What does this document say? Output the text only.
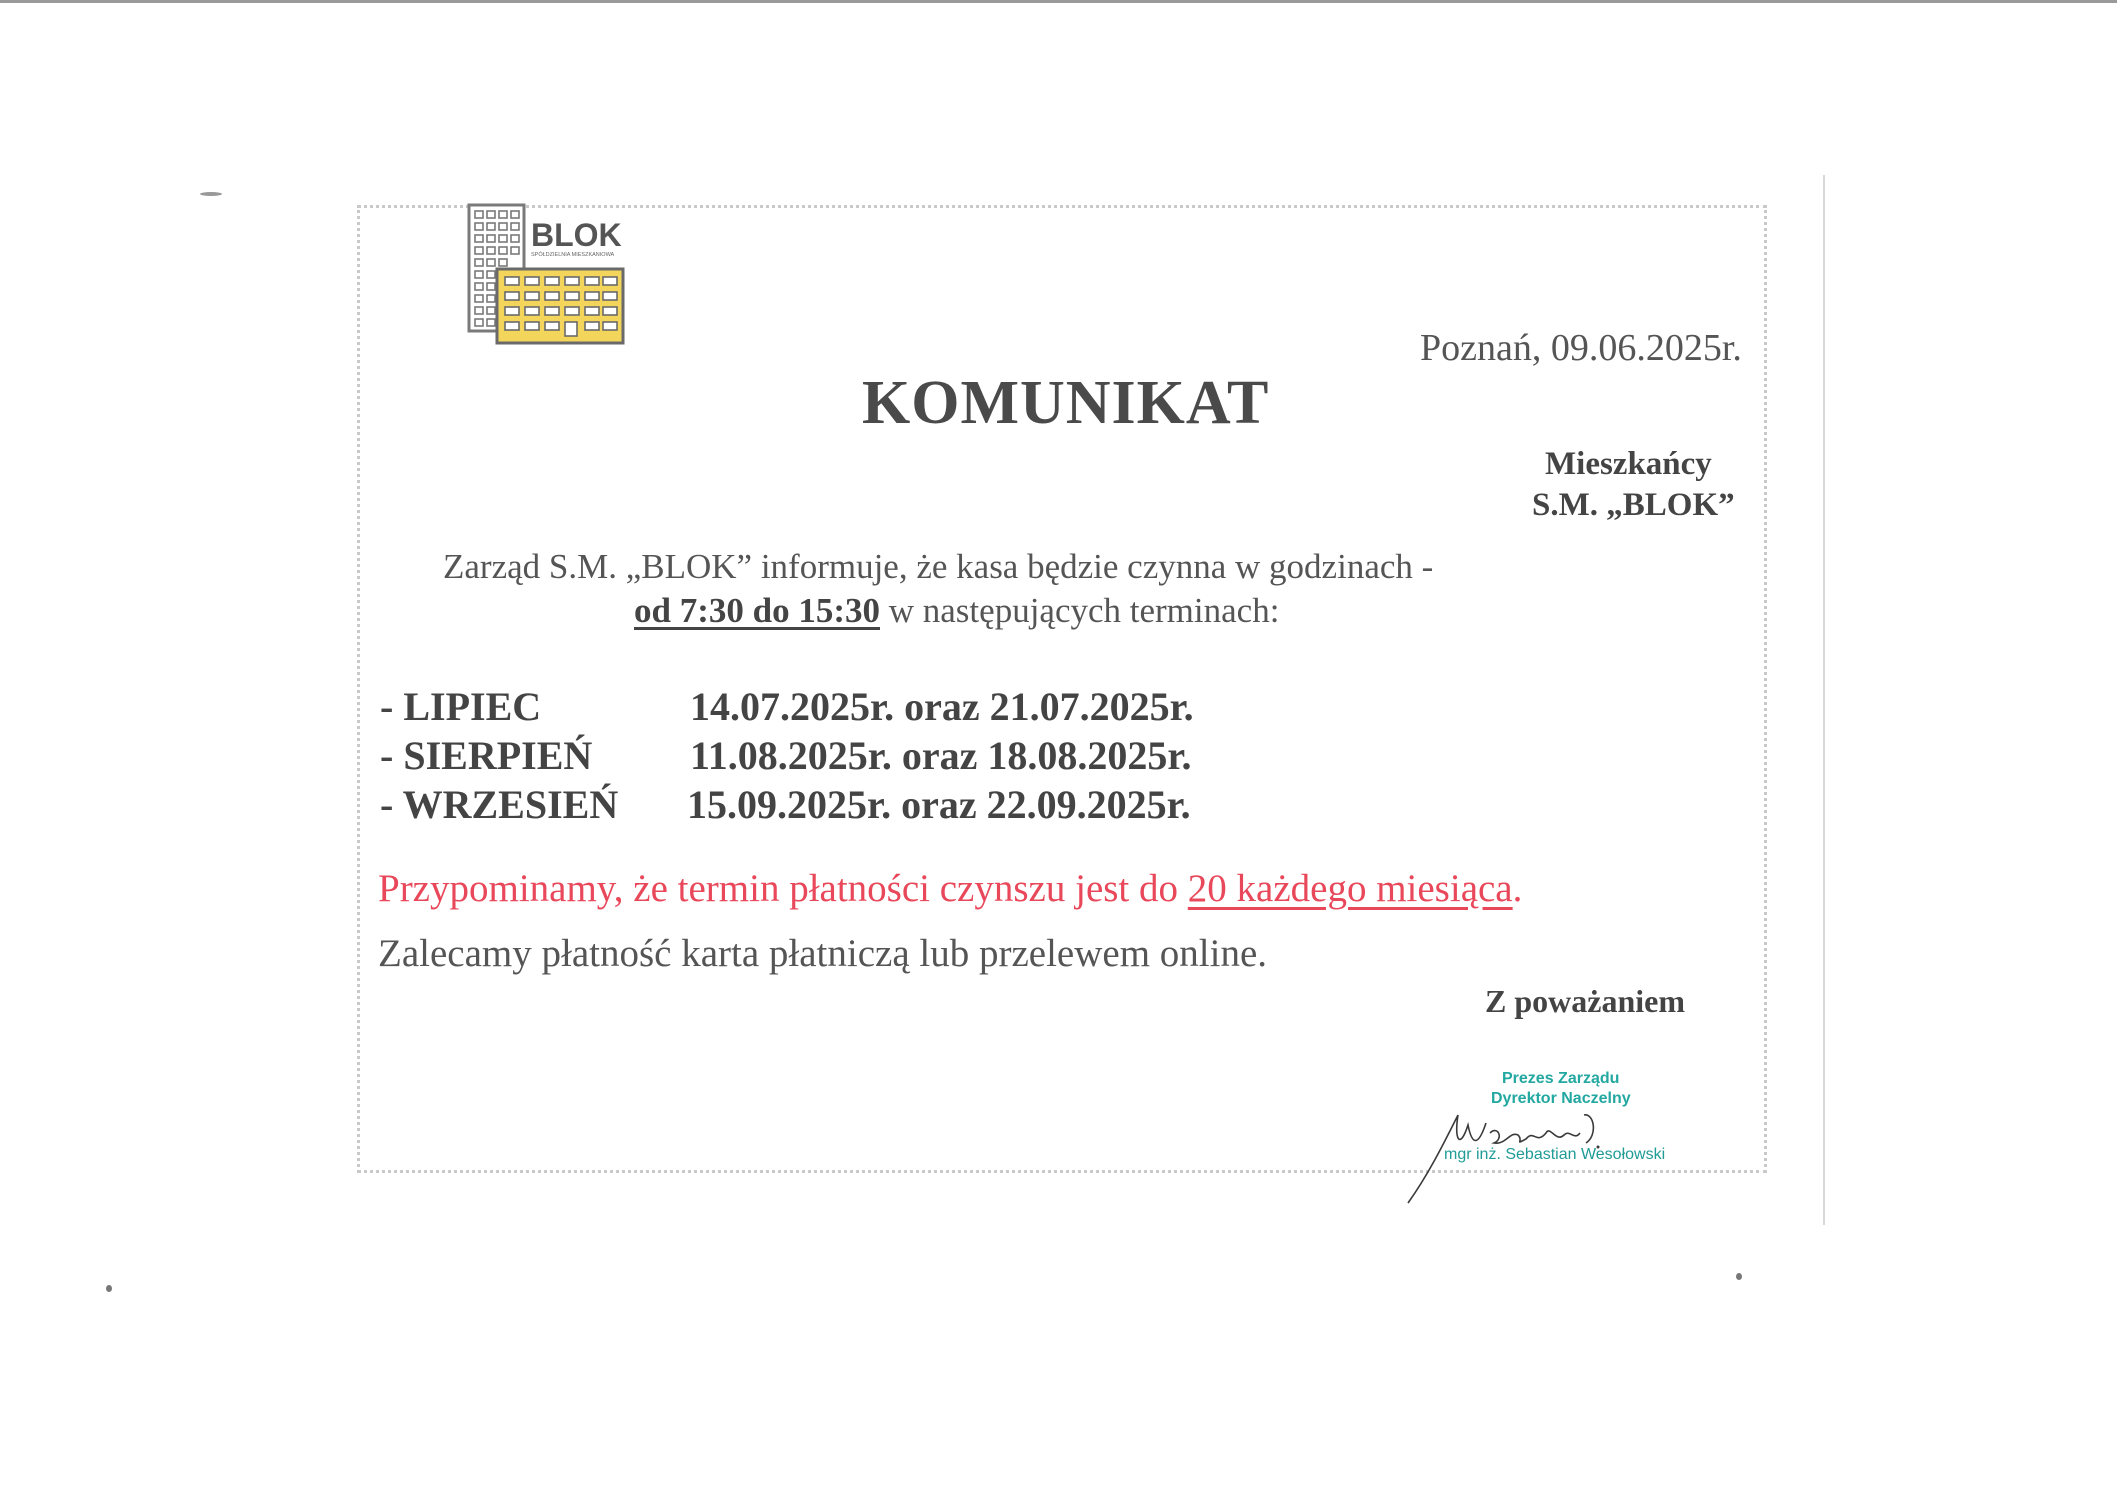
BLOK
SPÓŁDZIELNIA MIESZKANIOWA
Poznań, 09.06.2025r.
KOMUNIKAT
Mieszkańcy
S.M. „BLOK”
Zarząd S.M. „BLOK” informuje, że kasa będzie czynna w godzinach -
od 7:30 do 15:30 w następujących terminach:
- LIPIEC	14.07.2025r. oraz 21.07.2025r.
- SIERPIEŃ 11.08.2025r. oraz 18.08.2025r.
- WRZESIEŃ 15.09.2025r. oraz 22.09.2025r.
Przypominamy, że termin płatności czynszu jest do 20 każdego miesiąca.
Zalecamy płatność karta płatniczą lub przelewem online.
Z poważaniem
Prezes Zarządu
Dyrektor Naczelny
mgr inż. Sebastian Wesołowski
